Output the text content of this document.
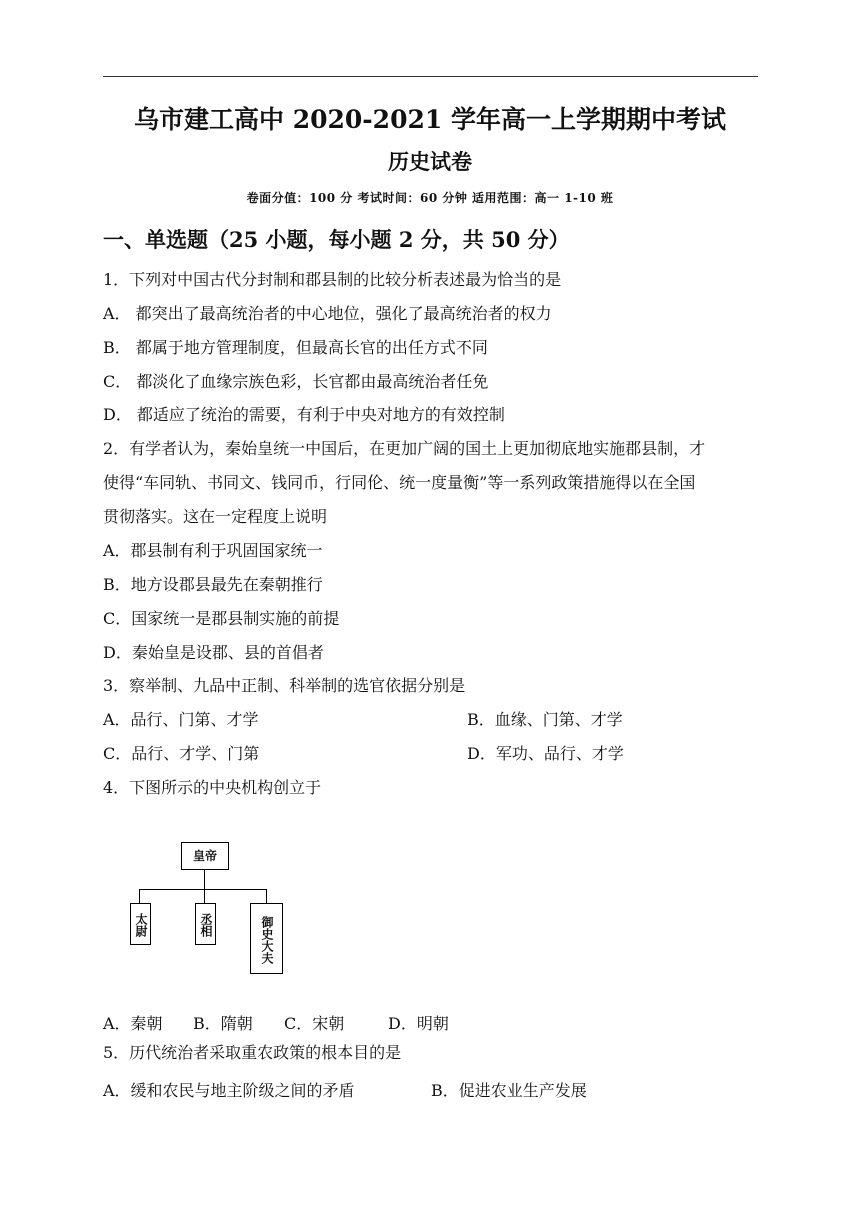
乌市建工高中 2020-2021 学年高一上学期期中考试
历史试卷
卷面分值：100 分 考试时间：60 分钟 适用范围：高一 1-10 班
一、单选题（25 小题，每小题 2 分，共 50 分）
1．下列对中国古代分封制和郡县制的比较分析表述最为恰当的是
A． 都突出了最高统治者的中心地位，强化了最高统治者的权力
B． 都属于地方管理制度，但最高长官的出任方式不同
C． 都淡化了血缘宗族色彩，长官都由最高统治者任免
D． 都适应了统治的需要，有利于中央对地方的有效控制
2．有学者认为，秦始皇统一中国后，在更加广阔的国土上更加彻底地实施郡县制，才
使得“车同轨、书同文、钱同币，行同伦、统一度量衡”等一系列政策措施得以在全国
贯彻落实。这在一定程度上说明
A．郡县制有利于巩固国家统一
B．地方设郡县最先在秦朝推行
C．国家统一是郡县制实施的前提
D．秦始皇是设郡、县的首倡者
3．察举制、九品中正制、科举制的选官依据分别是
A．品行、门第、才学	B．血缘、门第、才学
C．品行、才学、门第	D．军功、品行、才学
4．下图所示的中央机构创立于
皇帝
太尉	丞相	御史大夫
A．秦朝 B．隋朝 C．宋朝	D．明朝
5．历代统治者采取重农政策的根本目的是
A．缓和农民与地主阶级之间的矛盾	B．促进农业生产发展
